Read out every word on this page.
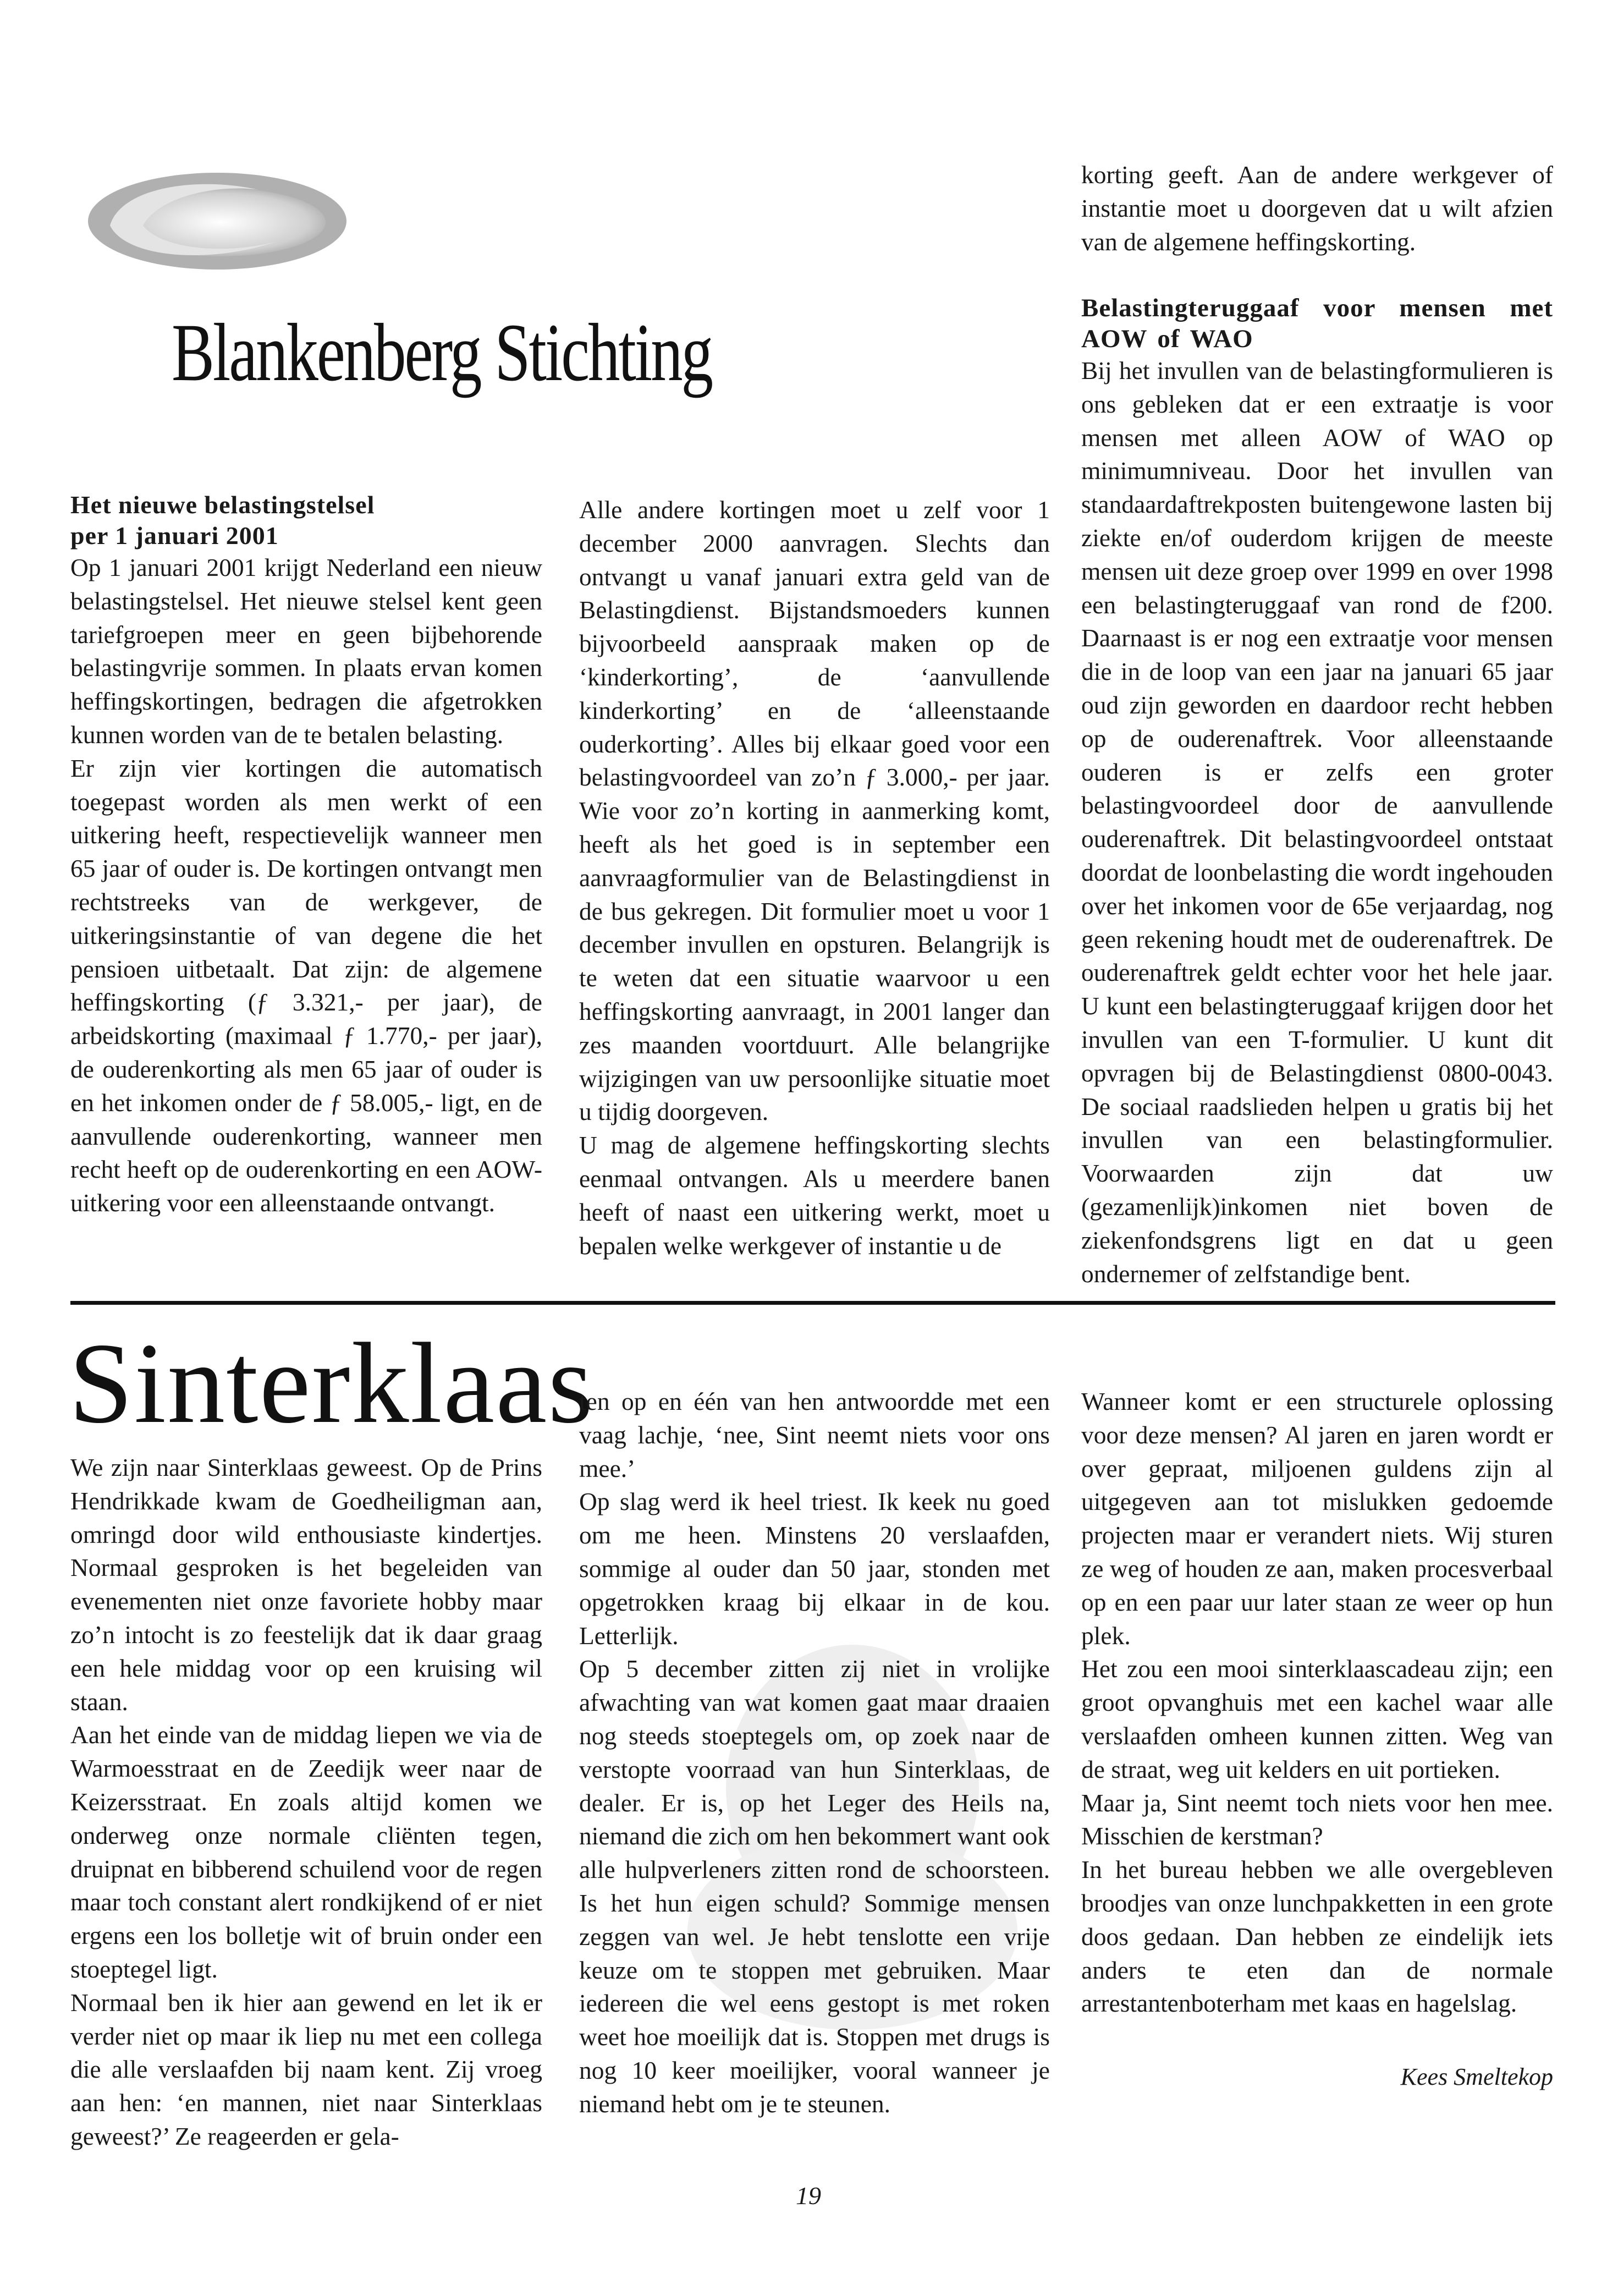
Blankenberg Stichting
Het nieuwe belastingstelsel
per 1 januari 2001

Op 1 januari 2001 krijgt Nederland een nieuw belastingstelsel. Het nieuwe stelsel kent geen tariefgroepen meer en geen bijbehorende belastingvrije sommen. In plaats ervan komen heffingskortingen, bedragen die afgetrokken kunnen worden van de te betalen belasting.

Er zijn vier kortingen die automatisch toegepast worden als men werkt of een uitkering heeft, respectievelijk wanneer men 65 jaar of ouder is. De kortingen ontvangt men rechtstreeks van de werkgever, de uitkeringsinstantie of van degene die het pensioen uitbetaalt. Dat zijn: de algemene heffingskorting (ƒ 3.321,- per jaar), de arbeidskorting (maximaal ƒ 1.770,- per jaar), de ouderenkorting als men 65 jaar of ouder is en het inkomen onder de ƒ 58.005,- ligt, en de aanvullende ouderenkorting, wanneer men recht heeft op de ouderenkorting en een AOW-uitkering voor een alleenstaande ontvangt.

Alle andere kortingen moet u zelf voor 1 december 2000 aanvragen. Slechts dan ontvangt u vanaf januari extra geld van de Belastingdienst. Bijstandsmoeders kunnen bijvoorbeeld aanspraak maken op de ‘kinderkorting’, de ‘aanvullende kinderkorting’ en de ‘alleenstaande ouderkorting’. Alles bij elkaar goed voor een belastingvoordeel van zo’n ƒ 3.000,- per jaar. Wie voor zo’n korting in aanmerking komt, heeft als het goed is in september een aanvraagformulier van de Belastingdienst in de bus gekregen. Dit formulier moet u voor 1 december invullen en opsturen. Belangrijk is te weten dat een situatie waarvoor u een heffingskorting aanvraagt, in 2001 langer dan zes maanden voortduurt. Alle belangrijke wijzigingen van uw persoonlijke situatie moet u tijdig doorgeven.

U mag de algemene heffingskorting slechts eenmaal ontvangen. Als u meerdere banen heeft of naast een uitkering werkt, moet u bepalen welke werkgever of instantie u de

korting geeft. Aan de andere werkgever of instantie moet u doorgeven dat u wilt afzien van de algemene heffingskorting.

Belastingteruggaaf voor mensen met AOW of WAO

Bij het invullen van de belastingformulieren is ons gebleken dat er een extraatje is voor mensen met alleen AOW of WAO op minimumniveau. Door het invullen van standaardaftrekposten buitengewone lasten bij ziekte en/of ouderdom krijgen de meeste mensen uit deze groep over 1999 en over 1998 een belastingteruggaaf van rond de f200. Daarnaast is er nog een extraatje voor mensen die in de loop van een jaar na januari 65 jaar oud zijn geworden en daardoor recht hebben op de ouderenaftrek. Voor alleenstaande ouderen is er zelfs een groter belastingvoordeel door de aanvullende ouderenaftrek. Dit belastingvoordeel ontstaat doordat de loonbelasting die wordt ingehouden over het inkomen voor de 65e verjaardag, nog geen rekening houdt met de ouderenaftrek. De ouderenaftrek geldt echter voor het hele jaar. U kunt een belastingteruggaaf krijgen door het invullen van een T-formulier. U kunt dit opvragen bij de Belastingdienst 0800-0043. De sociaal raadslieden helpen u gratis bij het invullen van een belastingformulier. Voorwaarden zijn dat uw (gezamenlijk)inkomen niet boven de ziekenfondsgrens ligt en dat u geen ondernemer of zelfstandige bent.

Sinterklaas

We zijn naar Sinterklaas geweest. Op de Prins Hendrikkade kwam de Goedheiligman aan, omringd door wild enthousiaste kindertjes. Normaal gesproken is het begeleiden van evenementen niet onze favoriete hobby maar zo’n intocht is zo feestelijk dat ik daar graag een hele middag voor op een kruising wil staan.

Aan het einde van de middag liepen we via de Warmoesstraat en de Zeedijk weer naar de Keizersstraat. En zoals altijd komen we onderweg onze normale cliënten tegen, druipnat en bibberend schuilend voor de regen maar toch constant alert rondkijkend of er niet ergens een los bolletje wit of bruin onder een stoeptegel ligt.

Normaal ben ik hier aan gewend en let ik er verder niet op maar ik liep nu met een collega die alle verslaafden bij naam kent. Zij vroeg aan hen: ‘en mannen, niet naar Sinterklaas geweest?’ Ze reageerden er gela-

ten op en één van hen antwoordde met een vaag lachje, ‘nee, Sint neemt niets voor ons mee.’

Op slag werd ik heel triest. Ik keek nu goed om me heen. Minstens 20 verslaafden, sommige al ouder dan 50 jaar, stonden met opgetrokken kraag bij elkaar in de kou. Letterlijk.

Op 5 december zitten zij niet in vrolijke afwachting van wat komen gaat maar draaien nog steeds stoeptegels om, op zoek naar de verstopte voorraad van hun Sinterklaas, de dealer. Er is, op het Leger des Heils na, niemand die zich om hen bekommert want ook alle hulpverleners zitten rond de schoorsteen. Is het hun eigen schuld? Sommige mensen zeggen van wel. Je hebt tenslotte een vrije keuze om te stoppen met gebruiken. Maar iedereen die wel eens gestopt is met roken weet hoe moeilijk dat is. Stoppen met drugs is nog 10 keer moeilijker, vooral wanneer je niemand hebt om je te steunen.

Wanneer komt er een structurele oplossing voor deze mensen? Al jaren en jaren wordt er over gepraat, miljoenen guldens zijn al uitgegeven aan tot mislukken gedoemde projecten maar er verandert niets. Wij sturen ze weg of houden ze aan, maken procesverbaal op en een paar uur later staan ze weer op hun plek.

Het zou een mooi sinterklaascadeau zijn; een groot opvanghuis met een kachel waar alle verslaafden omheen kunnen zitten. Weg van de straat, weg uit kelders en uit portieken.

Maar ja, Sint neemt toch niets voor hen mee. Misschien de kerstman?

In het bureau hebben we alle overgebleven broodjes van onze lunchpakketten in een grote doos gedaan. Dan hebben ze eindelijk iets anders te eten dan de normale arrestantenboterham met kaas en hagelslag.

Kees Smeltekop
19
